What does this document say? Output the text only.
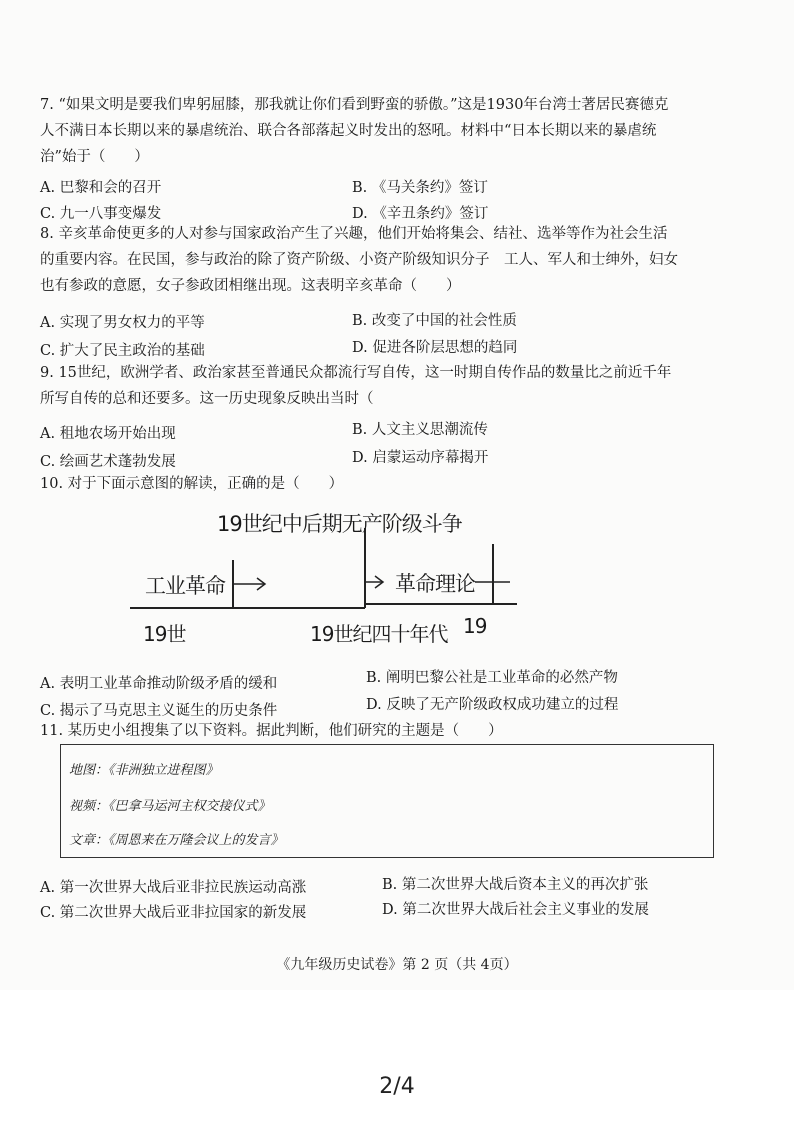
7. “如果文明是要我们卑躬屈膝，那我就让你们看到野蛮的骄傲。”这是1930年台湾士著居民赛德克人不满日本长期以来的暴虐统治、联合各部落起义时发出的怒吼。材料中“日本长期以来的暴虐统治”始于（　　）
A. 巴黎和会的召开	B. 《马关条约》签订
C. 九一八事变爆发	D. 《辛丑条约》签订
8. 辛亥革命使更多的人对参与国家政治产生了兴趣，他们开始将集会、结社、选举等作为社会生活的重要内容。在民国，参与政治的除了资产阶级、小资产阶级知识分子　工人、军人和士绅外，妇女也有参政的意愿，女子参政团相继出现。这表明辛亥革命（　　）
A. 实现了男女权力的平等	B. 改变了中国的社会性质
C. 扩大了民主政治的基础	D. 促进各阶层思想的趋同
9. 15世纪，欧洲学者、政治家甚至普通民众都流行写自传，这一时期自传作品的数量比之前近千年所写自传的总和还要多。这一历史现象反映出当时（
A. 租地农场开始出现	B. 人文主义思潮流传
C. 绘画艺术蓬勃发展	D. 启蒙运动序幕揭开
10. 对于下面示意图的解读，正确的是（　　）
19世纪中后期无产阶级斗争
工业革命	革命理论
19世	19世纪四十年代 19
A. 表明工业革命推动阶级矛盾的缓和	B. 阐明巴黎公社是工业革命的必然产物
C. 揭示了马克思主义诞生的历史条件	D. 反映了无产阶级政权成功建立的过程
11. 某历史小组搜集了以下资料。据此判断，他们研究的主题是（　　）
地图：《非洲独立进程图》
视频：《巴拿马运河主权交接仪式》
文章：《周恩来在万隆会议上的发言》
A. 第一次世界大战后亚非拉民族运动高涨	B. 第二次世界大战后资本主义的再次扩张
C. 第二次世界大战后亚非拉国家的新发展	D. 第二次世界大战后社会主义事业的发展
《九年级历史试卷》第 2 页（共 4页）
2/4
